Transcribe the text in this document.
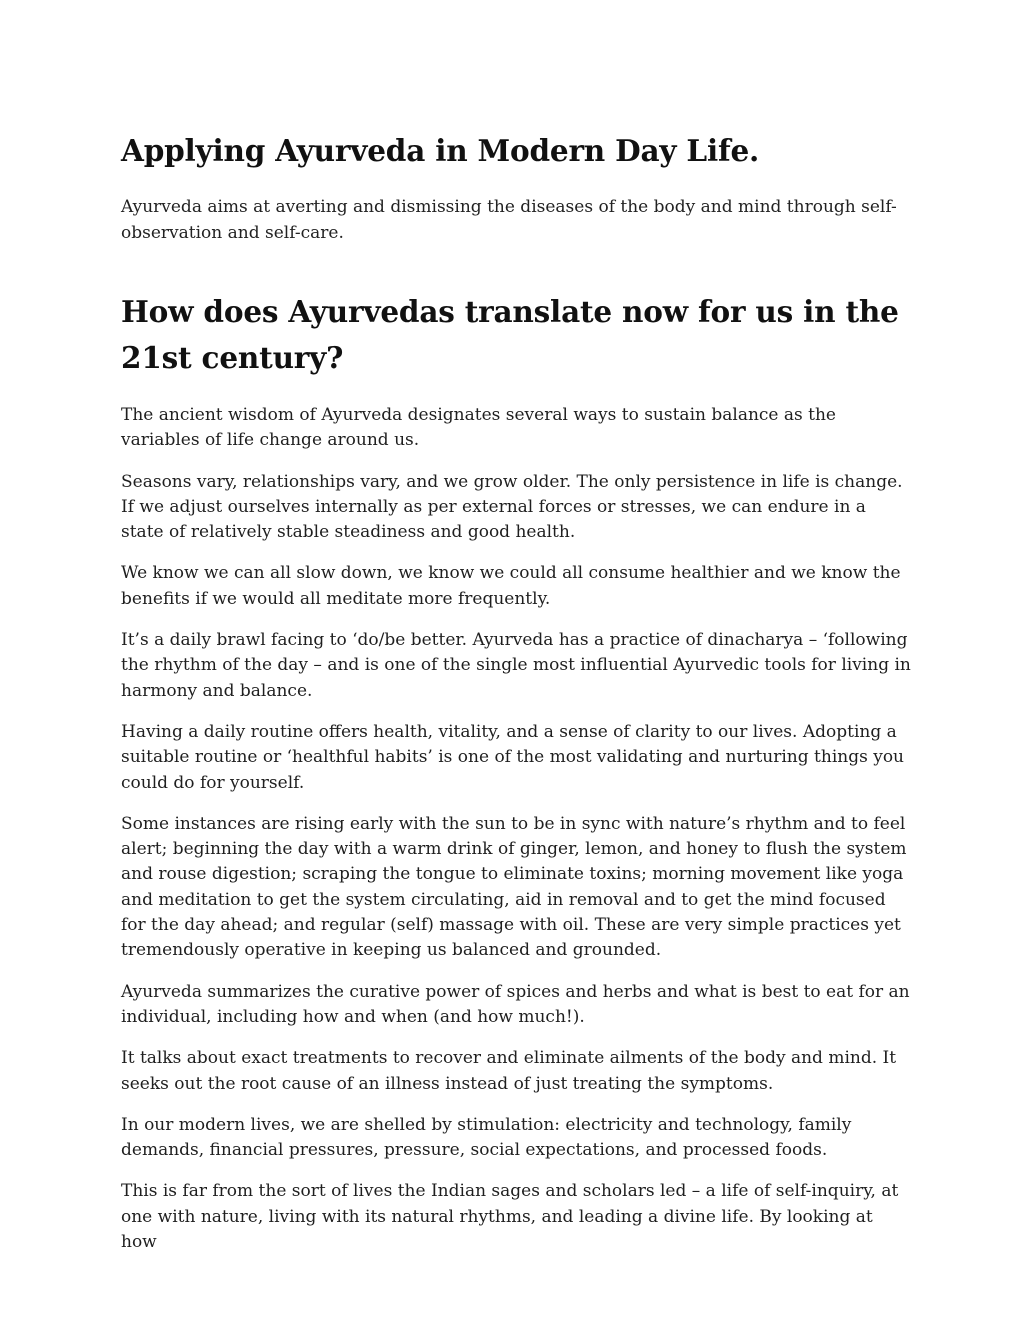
Applying Ayurveda in Modern Day Life.

Ayurveda aims at averting and dismissing the diseases of the body and mind through self-observation and self-care.

How does Ayurvedas translate now for us in the 21st century?

The ancient wisdom of Ayurveda designates several ways to sustain balance as the variables of life change around us.

Seasons vary, relationships vary, and we grow older. The only persistence in life is change. If we adjust ourselves internally as per external forces or stresses, we can endure in a state of relatively stable steadiness and good health.

We know we can all slow down, we know we could all consume healthier and we know the benefits if we would all meditate more frequently.

It’s a daily brawl facing to ‘do/be better. Ayurveda has a practice of dinacharya – ‘following the rhythm of the day – and is one of the single most influential Ayurvedic tools for living in harmony and balance.

Having a daily routine offers health, vitality, and a sense of clarity to our lives. Adopting a suitable routine or ‘healthful habits’ is one of the most validating and nurturing things you could do for yourself.

Some instances are rising early with the sun to be in sync with nature’s rhythm and to feel alert; beginning the day with a warm drink of ginger, lemon, and honey to flush the system and rouse digestion; scraping the tongue to eliminate toxins; morning movement like yoga and meditation to get the system circulating, aid in removal and to get the mind focused for the day ahead; and regular (self) massage with oil. These are very simple practices yet tremendously operative in keeping us balanced and grounded.

Ayurveda summarizes the curative power of spices and herbs and what is best to eat for an individual, including how and when (and how much!).

It talks about exact treatments to recover and eliminate ailments of the body and mind. It seeks out the root cause of an illness instead of just treating the symptoms.

In our modern lives, we are shelled by stimulation: electricity and technology, family demands, financial pressures, pressure, social expectations, and processed foods.

This is far from the sort of lives the Indian sages and scholars led – a life of self-inquiry, at one with nature, living with its natural rhythms, and leading a divine life. By looking at how
